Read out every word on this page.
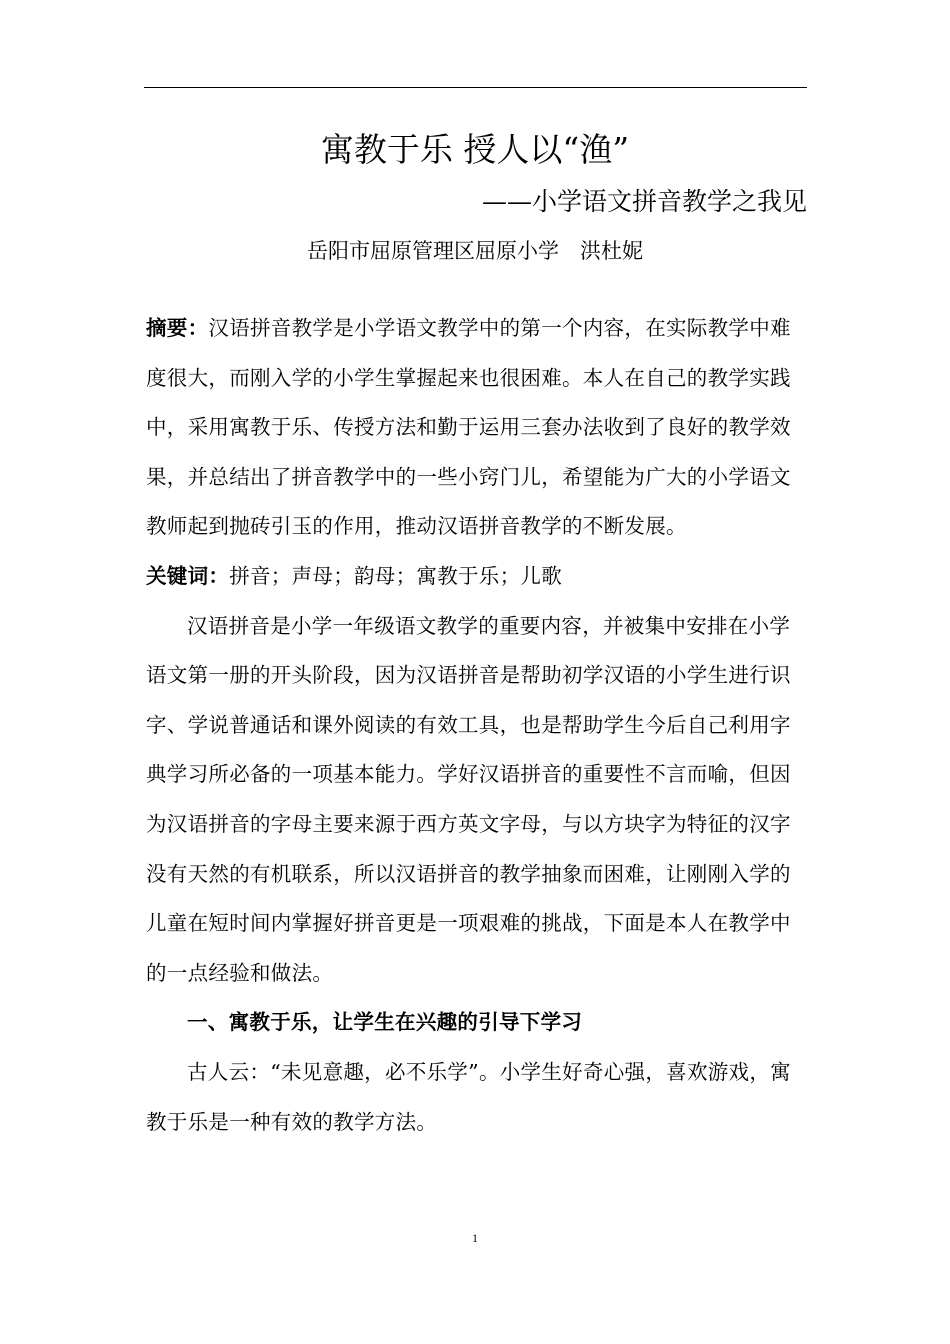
寓教于乐 授人以“渔”
——小学语文拼音教学之我见
岳阳市屈原管理区屈原小学　洪杜妮

摘要：汉语拼音教学是小学语文教学中的第一个内容，在实际教学中难度很大，而刚入学的小学生掌握起来也很困难。本人在自己的教学实践中，采用寓教于乐、传授方法和勤于运用三套办法收到了良好的教学效果，并总结出了拼音教学中的一些小窍门儿，希望能为广大的小学语文教师起到抛砖引玉的作用，推动汉语拼音教学的不断发展。

关键词：拼音；声母；韵母；寓教于乐；儿歌

汉语拼音是小学一年级语文教学的重要内容，并被集中安排在小学语文第一册的开头阶段，因为汉语拼音是帮助初学汉语的小学生进行识字、学说普通话和课外阅读的有效工具，也是帮助学生今后自己利用字典学习所必备的一项基本能力。学好汉语拼音的重要性不言而喻，但因为汉语拼音的字母主要来源于西方英文字母，与以方块字为特征的汉字没有天然的有机联系，所以汉语拼音的教学抽象而困难，让刚刚入学的儿童在短时间内掌握好拼音更是一项艰难的挑战，下面是本人在教学中的一点经验和做法。

一、寓教于乐，让学生在兴趣的引导下学习

古人云：“未见意趣，必不乐学”。小学生好奇心强，喜欢游戏，寓教于乐是一种有效的教学方法。

1
